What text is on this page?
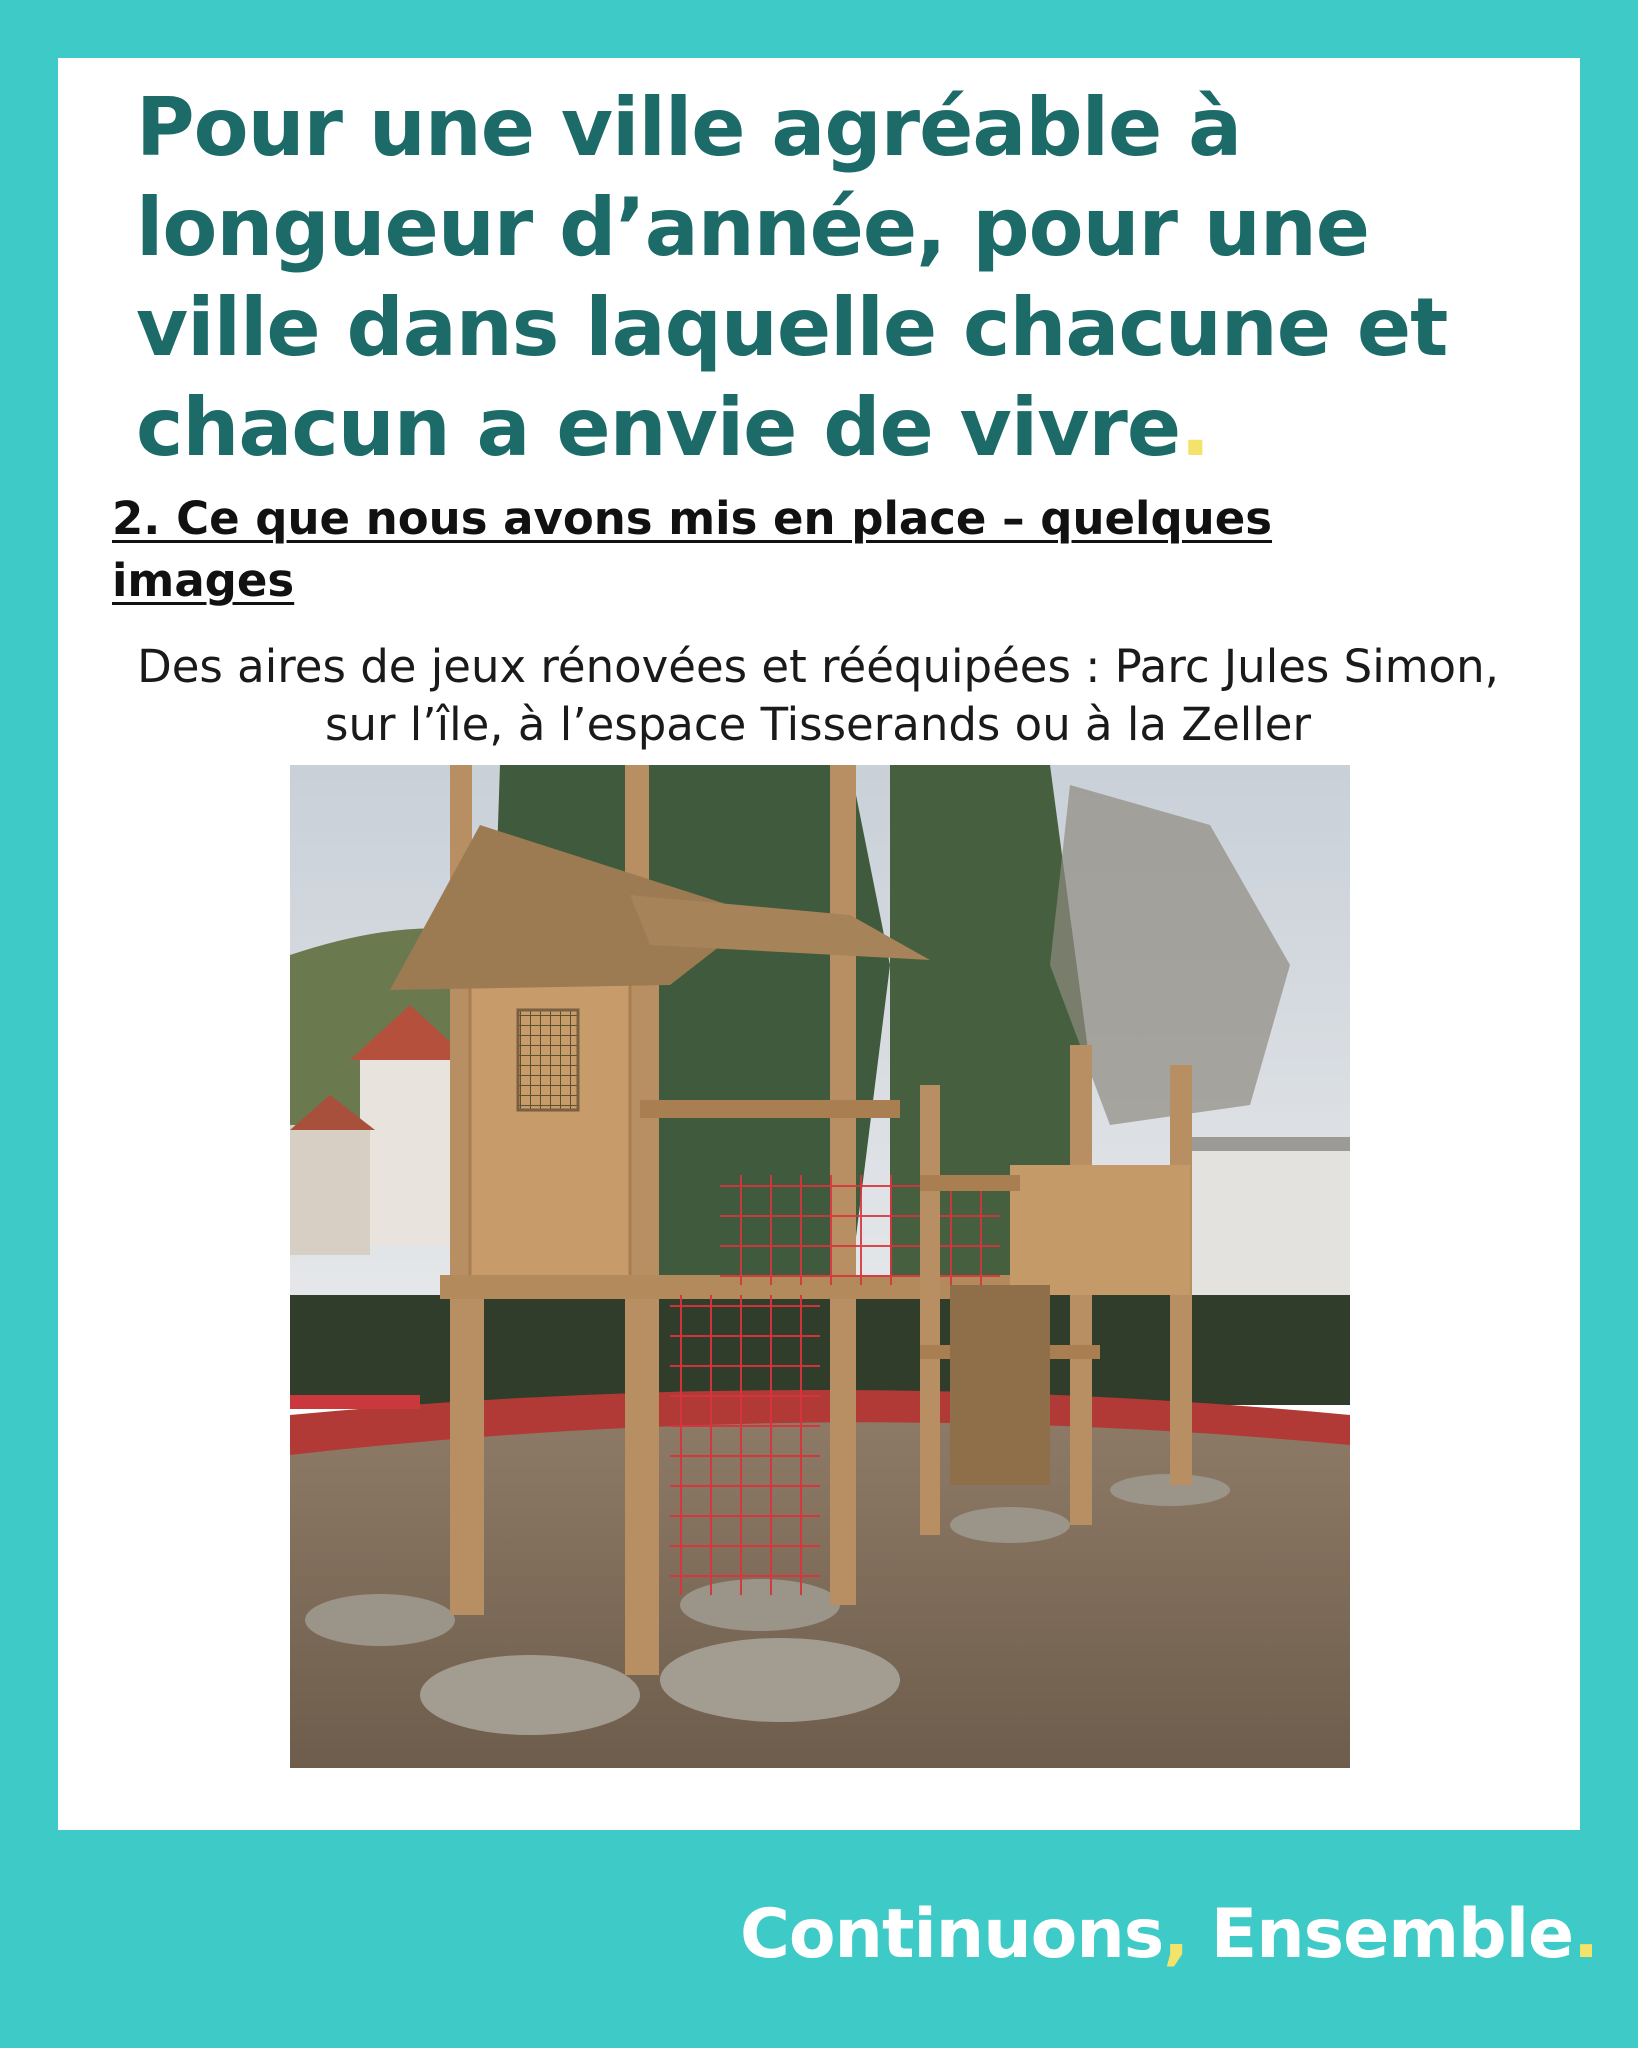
Pour une ville agréable à longueur d’année, pour une ville dans laquelle chacune et chacun a envie de vivre.
2. Ce que nous avons mis en place – quelques images

Des aires de jeux rénovées et rééquipées : Parc Jules Simon, sur l’île, à l’espace Tisserands ou à la Zeller

Continuons, Ensemble.
